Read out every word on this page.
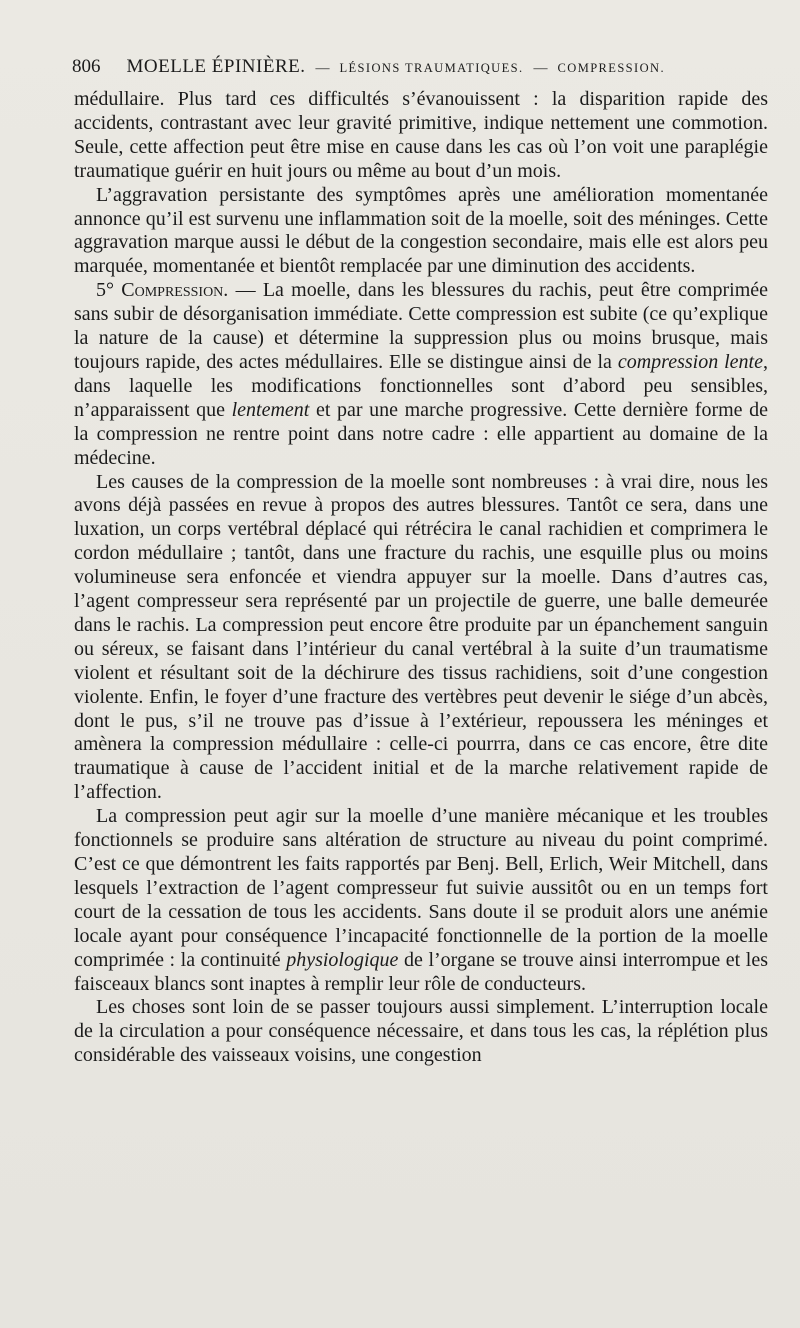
806 MOELLE ÉPINIÈRE. — LÉSIONS TRAUMATIQUES. — COMPRESSION.

médullaire. Plus tard ces difficultés s’évanouissent : la disparition rapide des accidents, contrastant avec leur gravité primitive, indique nettement une commotion. Seule, cette affection peut être mise en cause dans les cas où l’on voit une paraplégie traumatique guérir en huit jours ou même au bout d’un mois.

L’aggravation persistante des symptômes après une amélioration momentanée annonce qu’il est survenu une inflammation soit de la moelle, soit des méninges. Cette aggravation marque aussi le début de la congestion secondaire, mais elle est alors peu marquée, momentanée et bientôt remplacée par une diminution des accidents.

5° Compression. — La moelle, dans les blessures du rachis, peut être comprimée sans subir de désorganisation immédiate. Cette compression est subite (ce qu’explique la nature de la cause) et détermine la suppression plus ou moins brusque, mais toujours rapide, des actes médullaires. Elle se distingue ainsi de la compression lente, dans laquelle les modifications fonctionnelles sont d’abord peu sensibles, n’apparaissent que lentement et par une marche progressive. Cette dernière forme de la compression ne rentre point dans notre cadre : elle appartient au domaine de la médecine.

Les causes de la compression de la moelle sont nombreuses : à vrai dire, nous les avons déjà passées en revue à propos des autres blessures. Tantôt ce sera, dans une luxation, un corps vertébral déplacé qui rétrécira le canal rachidien et comprimera le cordon médullaire ; tantôt, dans une fracture du rachis, une esquille plus ou moins volumineuse sera enfoncée et viendra appuyer sur la moelle. Dans d’autres cas, l’agent compresseur sera représenté par un projectile de guerre, une balle demeurée dans le rachis. La compression peut encore être produite par un épanchement sanguin ou séreux, se faisant dans l’intérieur du canal vertébral à la suite d’un traumatisme violent et résultant soit de la déchirure des tissus rachidiens, soit d’une congestion violente. Enfin, le foyer d’une fracture des vertèbres peut devenir le siége d’un abcès, dont le pus, s’il ne trouve pas d’issue à l’extérieur, repoussera les méninges et amènera la compression médullaire : celle-ci pourrra, dans ce cas encore, être dite traumatique à cause de l’accident initial et de la marche relativement rapide de l’affection.

La compression peut agir sur la moelle d’une manière mécanique et les troubles fonctionnels se produire sans altération de structure au niveau du point comprimé. C’est ce que démontrent les faits rapportés par Benj. Bell, Erlich, Weir Mitchell, dans lesquels l’extraction de l’agent compresseur fut suivie aussitôt ou en un temps fort court de la cessation de tous les accidents. Sans doute il se produit alors une anémie locale ayant pour conséquence l’incapacité fonctionnelle de la portion de la moelle comprimée : la continuité physiologique de l’organe se trouve ainsi interrompue et les faisceaux blancs sont inaptes à remplir leur rôle de conducteurs.

Les choses sont loin de se passer toujours aussi simplement. L’interruption locale de la circulation a pour conséquence nécessaire, et dans tous les cas, la réplétion plus considérable des vaisseaux voisins, une congestion
